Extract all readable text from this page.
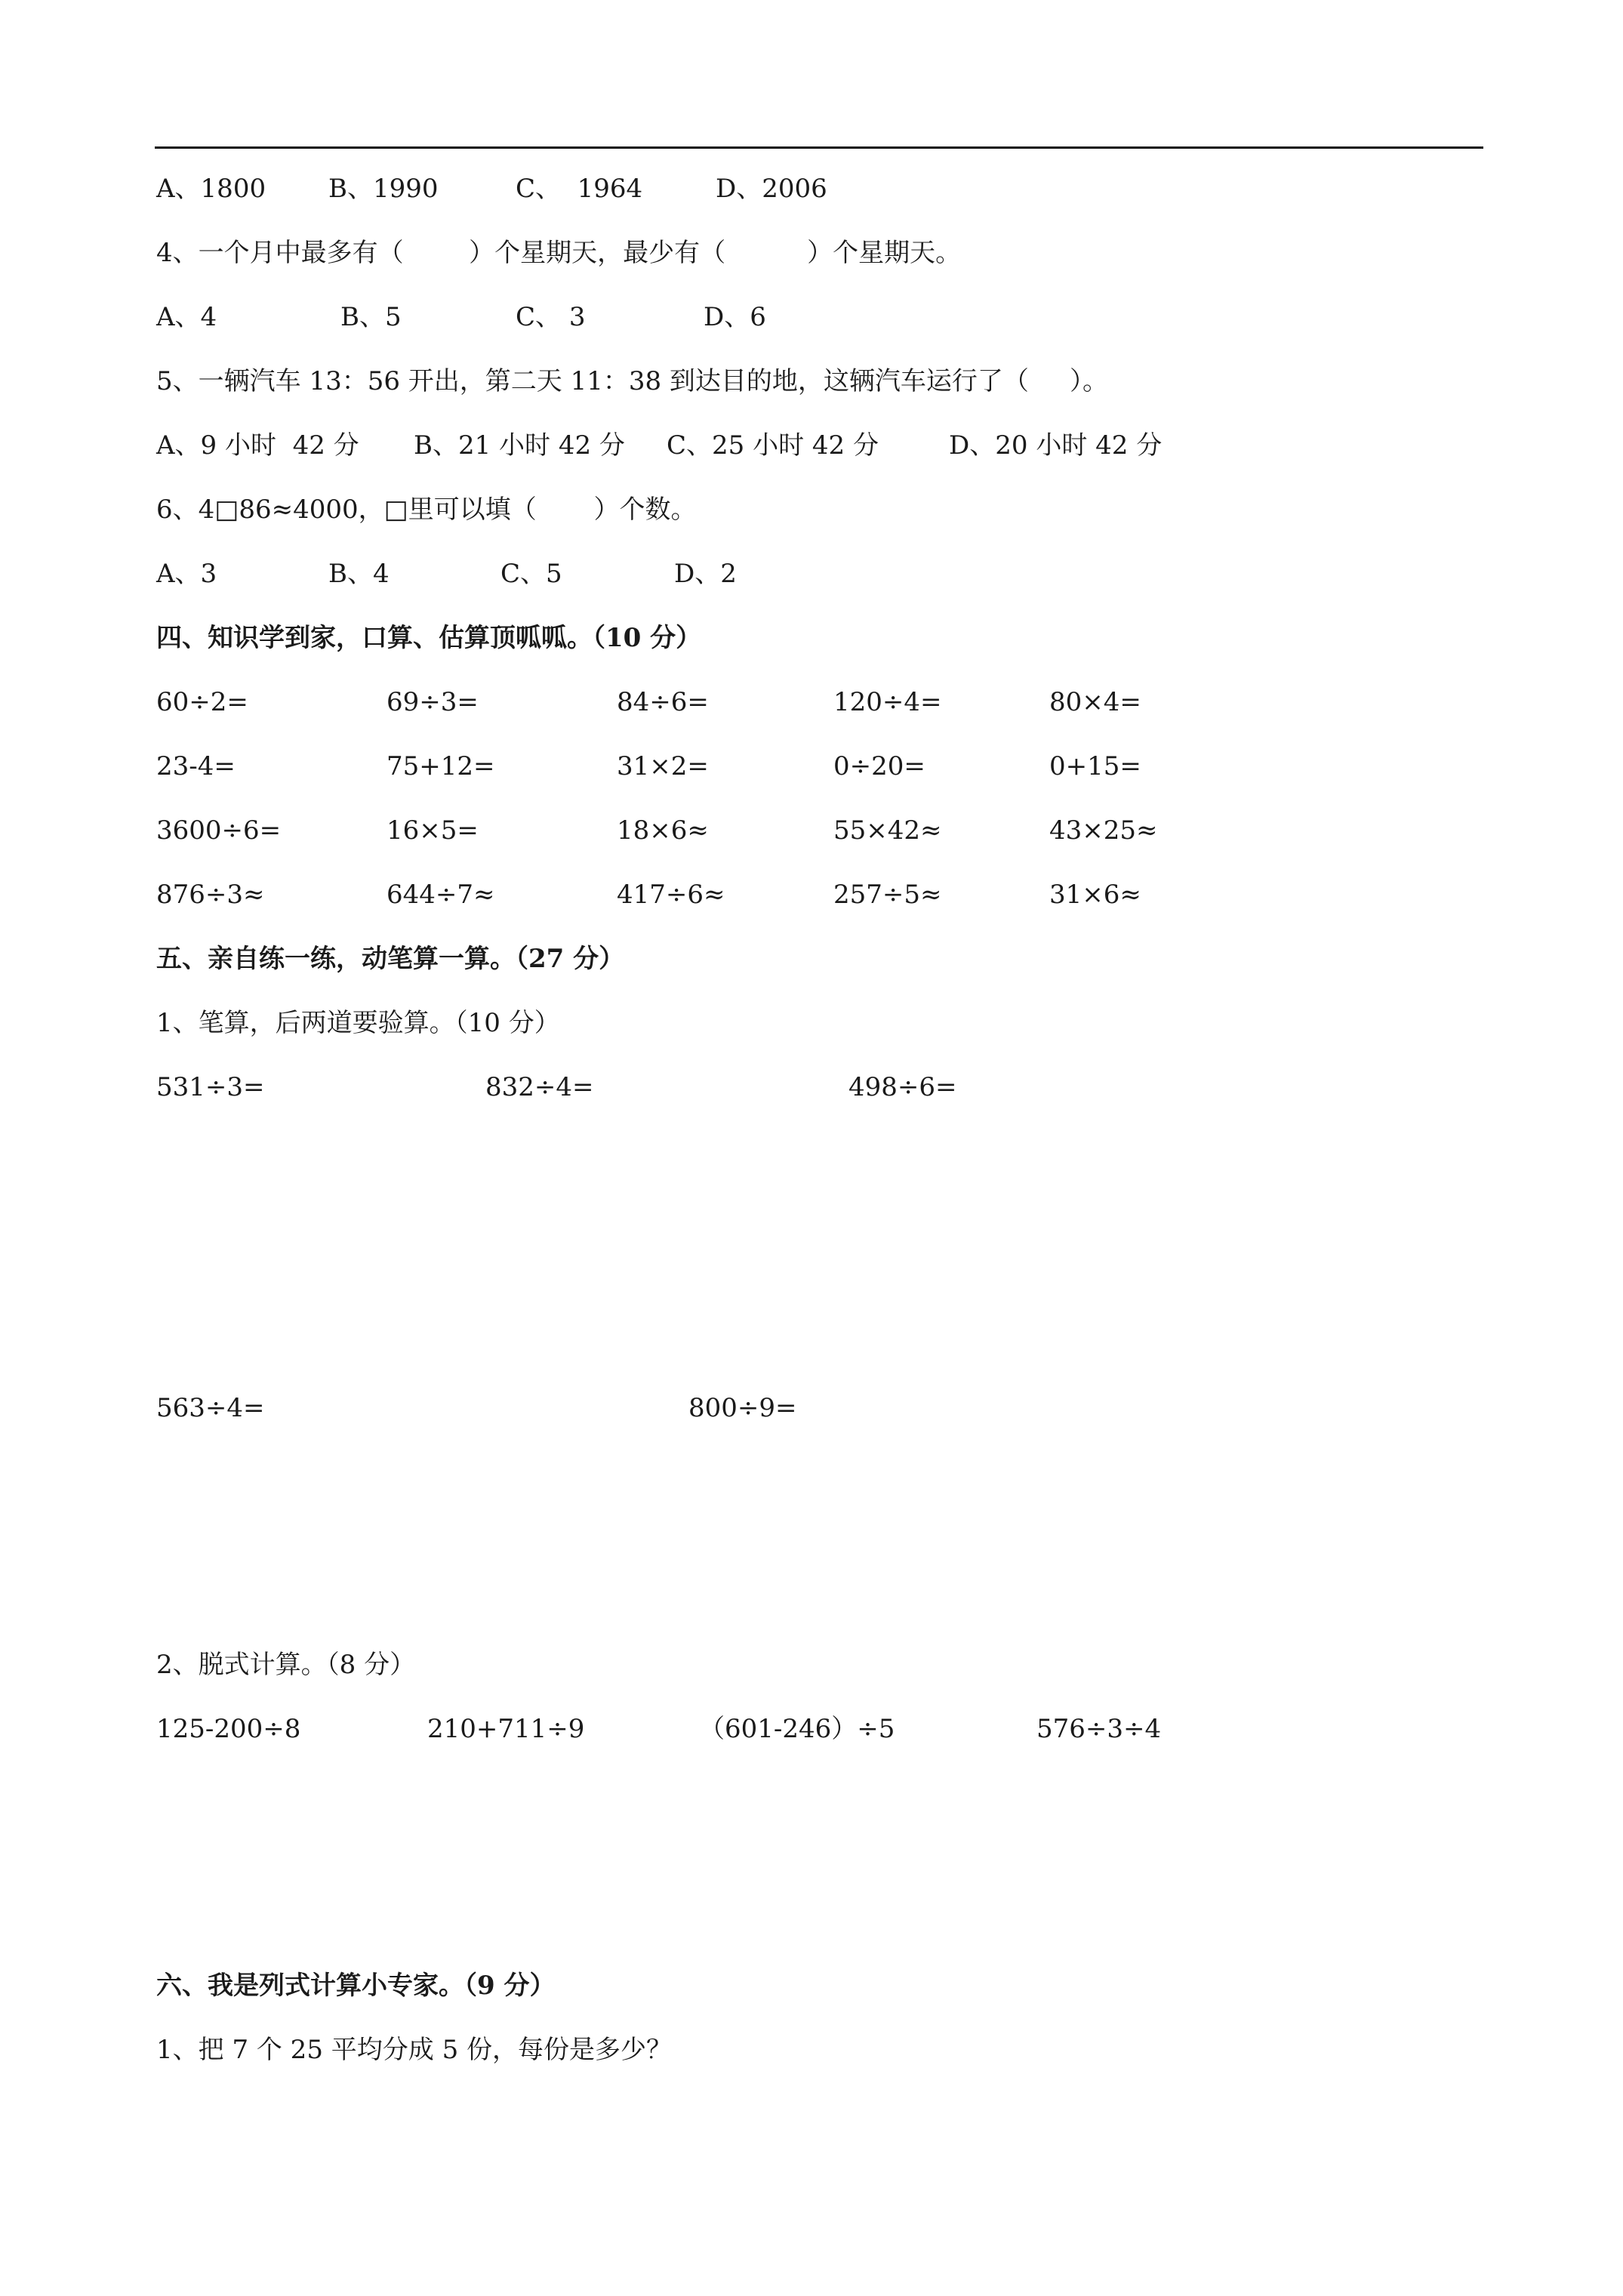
A、1800 B、1990	C、  1964	D、2006
4、一个月中最多有（        ）个星期天，最少有（          ）个星期天。
A、4	B、5	C、 3	D、6
5、一辆汽车 13：56 开出，第二天 11：38 到达目的地，这辆汽车运行了（     ）。
A、9 小时  42 分 B、21 小时 42 分 C、25 小时 42 分	D、20 小时 42 分
6、4□86≈4000，□里可以填（       ）个数。
A、3	B、4	C、5	D、2
四、知识学到家，口算、估算顶呱呱。（10 分）
60÷2=	69÷3=	84÷6=	120÷4=	80×4=
23-4=	75+12=	31×2=	0÷20=	0+15=
3600÷6=	16×5=	18×6≈	55×42≈	43×25≈
876÷3≈	644÷7≈	417÷6≈	257÷5≈	31×6≈
五、亲自练一练，动笔算一算。（27 分）
1、笔算，后两道要验算。（10 分）
531÷3=	832÷4=	498÷6=
563÷4=	800÷9=
2、脱式计算。（8 分）
125-200÷8	210+711÷9	（601-246）÷5	576÷3÷4
六、我是列式计算小专家。（9 分）
1、把 7 个 25 平均分成 5 份，每份是多少？
